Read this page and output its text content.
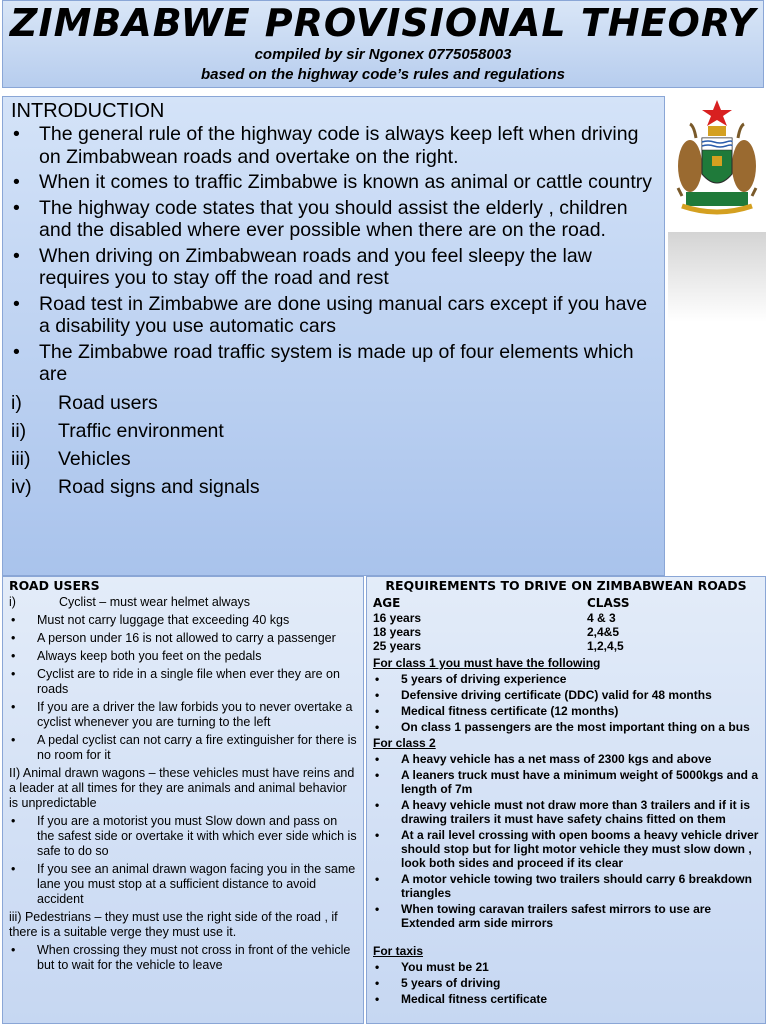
ZIMBABWE PROVISIONAL THEORY
compiled by sir Ngonex 0775058003
based on the highway code’s rules and regulations
INTRODUCTION
• The general rule of the highway code is always keep left when driving on Zimbabwean roads and overtake on the right.
• When it comes to traffic Zimbabwe is known as animal or cattle country
• The highway code states that you should assist the elderly , children and the disabled where ever possible when there are on the road.
• When driving on Zimbabwean roads and you feel sleepy the law requires you to stay off the road and rest
• Road test in Zimbabwe are done using manual cars except if you have a disability you use automatic cars
• The Zimbabwe road traffic system is made up of four elements which are
i)	Road users
ii)	Traffic environment
iii)	Vehicles
iv)	Road signs and signals
ROAD USERS
i)	Cyclist – must wear helmet always
• Must not carry luggage that exceeding 40 kgs
• A person under 16 is not allowed to carry a passenger
• Always keep both you feet on the pedals
• Cyclist are to ride in a single file when ever they are on roads
• If you are a driver the law forbids you to never overtake a cyclist whenever you are turning to the left
• A pedal cyclist can not carry a fire extinguisher for there is no room for it
II) Animal drawn wagons – these vehicles must have reins and a leader at all times for they are animals and animal behavior is unpredictable
• If you are a motorist you must Slow down and pass on the safest side or overtake it with which ever side which is safe to do so
• If you see an animal drawn wagon facing you in the same lane you must stop at a sufficient distance to avoid accident
iii) Pedestrians – they must use the right side of the road , if there is a suitable verge they must use it.
• When crossing they must not cross in front of the vehicle but to wait for the vehicle to leave
REQUIREMENTS TO DRIVE ON ZIMBABWEAN ROADS
AGE	CLASS
16 years	4 & 3
18 years	2,4&5
25 years	1,2,4,5
For class 1 you must have the following
• 5 years of driving experience
• Defensive driving certificate (DDC) valid for 48 months
• Medical fitness certificate (12 months)
• On class 1 passengers are the most important thing on a bus
For class 2
• A heavy vehicle has a net mass of 2300 kgs and above
• A leaners truck must have a minimum weight of 5000kgs and a length of 7m
• A heavy vehicle must not draw more than 3 trailers and if it is drawing trailers it must have safety chains fitted on them
• At a rail level crossing with open booms a heavy vehicle driver should stop but for light motor vehicle they must slow down , look both sides and proceed if its clear
• A motor vehicle towing two trailers should carry 6 breakdown triangles
• When towing caravan trailers safest mirrors to use are Extended arm side mirrors
For taxis
• You must be 21
• 5 years of driving
• Medical fitness certificate
